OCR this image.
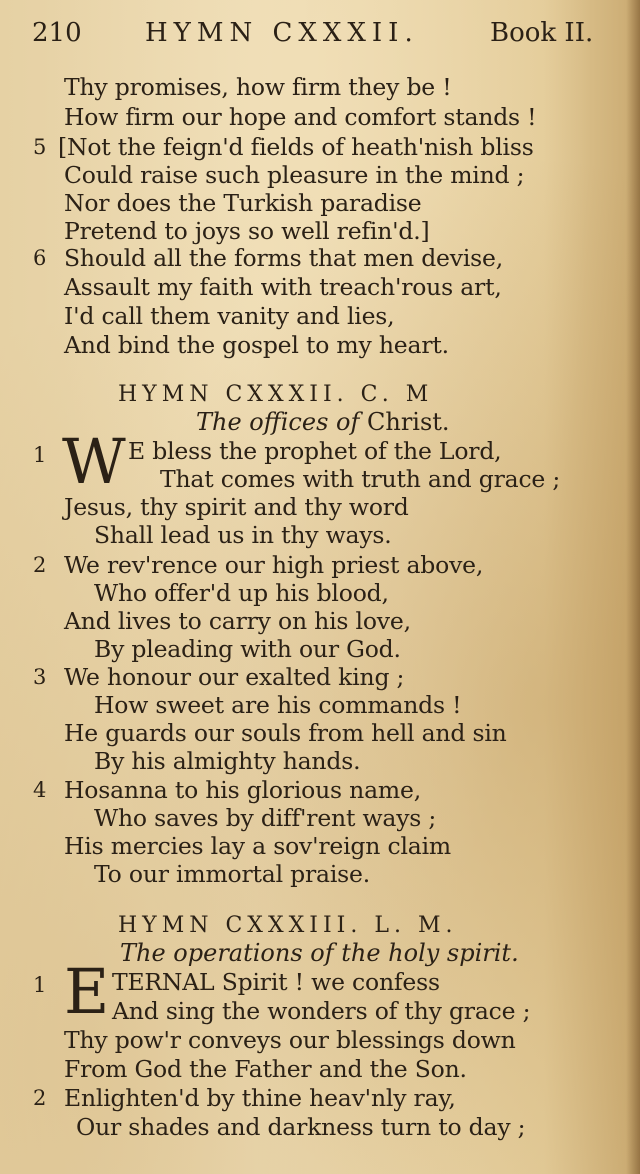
210 HYMN CXXXII.	Book II.
Thy promises, how firm they be !
How firm our hope and comfort stands !
5 [Not the feign'd fields of heath'nish bliss
Could raise such pleasure in the mind ;
Nor does the Turkish paradise
Pretend to joys so well refin'd.]
6 Should all the forms that men devise,
Assault my faith with treach'rous art,
I'd call them vanity and lies,
And bind the gospel to my heart.
HYMN CXXXII. C. M
The offices of Christ.
1 W E bless the prophet of the Lord,
That comes with truth and grace ;
Jesus, thy spirit and thy word
Shall lead us in thy ways.
2 We rev'rence our high priest above,
Who offer'd up his blood,
And lives to carry on his love,
By pleading with our God.
3 We honour our exalted king ;
How sweet are his commands !
He guards our souls from hell and sin
By his almighty hands.
4 Hosanna to his glorious name,
Who saves by diff'rent ways ;
His mercies lay a sov'reign claim
To our immortal praise.
HYMN CXXXIII. L. M.
The operations of the holy spirit.
1 E TERNAL Spirit ! we confess
And sing the wonders of thy grace ;
Thy pow'r conveys our blessings down
From God the Father and the Son.
2 Enlighten'd by thine heav'nly ray,
Our shades and darkness turn to day ;
